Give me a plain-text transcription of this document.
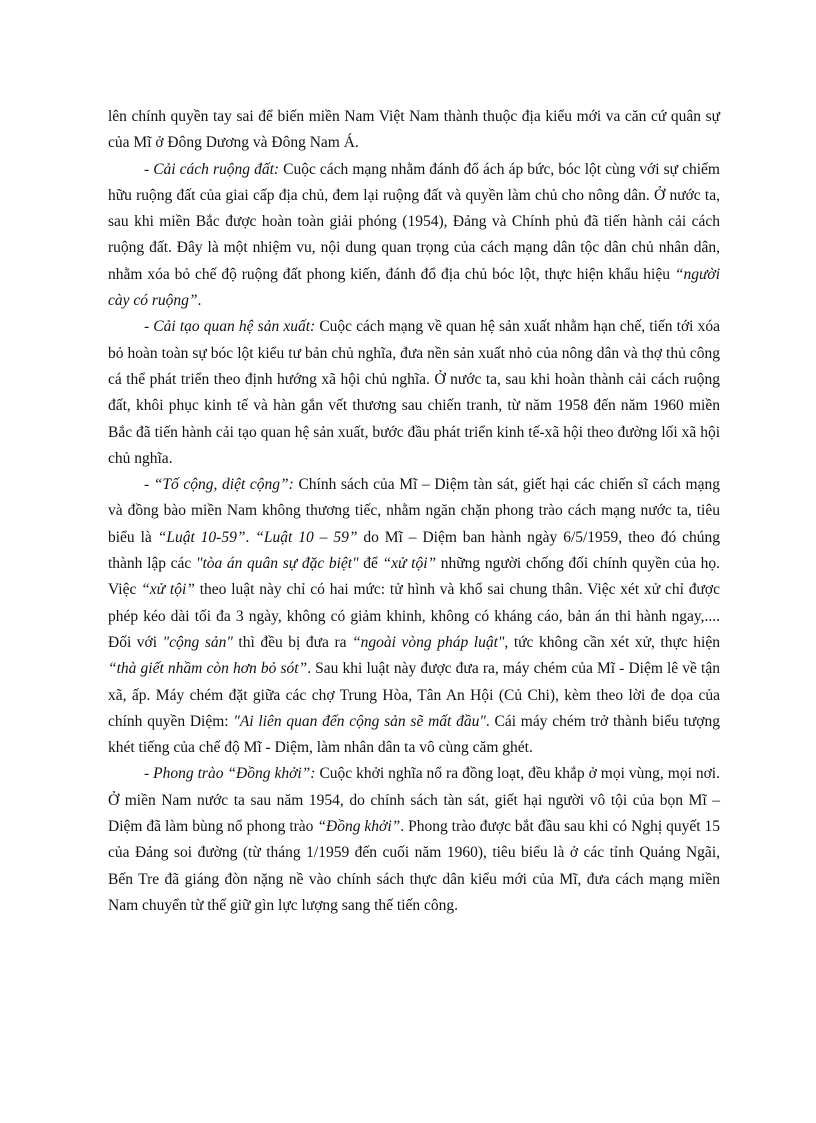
lên chính quyền tay sai để biến miền Nam Việt Nam thành thuộc địa kiểu mới va căn cứ quân sự của Mĩ ở Đông Dương và Đông Nam Á.

- Cải cách ruộng đất: Cuộc cách mạng nhằm đánh đổ ách áp bức, bóc lột cùng với sự chiếm hữu ruộng đất của giai cấp địa chủ, đem lại ruộng đất và quyền làm chủ cho nông dân. Ở nước ta, sau khi miền Bắc được hoàn toàn giải phóng (1954), Đảng và Chính phủ đã tiến hành cải cách ruộng đất. Đây là một nhiệm vu, nội dung quan trọng của cách mạng dân tộc dân chủ nhân dân, nhằm xóa bỏ chế độ ruộng đất phong kiến, đánh đổ địa chủ bóc lột, thực hiện khẩu hiệu “người cày có ruộng”.

- Cải tạo quan hệ sản xuất: Cuộc cách mạng về quan hệ sản xuất nhằm hạn chế, tiến tới xóa bỏ hoàn toàn sự bóc lột kiểu tư bản chủ nghĩa, đưa nền sản xuất nhỏ của nông dân và thợ thủ công cá thể phát triển theo định hướng xã hội chủ nghĩa. Ở nước ta, sau khi hoàn thành cải cách ruộng đất, khôi phục kinh tế và hàn gắn vết thương sau chiến tranh, từ năm 1958 đến năm 1960 miền Bắc đã tiến hành cải tạo quan hệ sản xuất, bước đầu phát triển kinh tế-xã hội theo đường lối xã hội chủ nghĩa.

- “Tố cộng, diệt cộng”: Chính sách của Mĩ – Diệm tàn sát, giết hại các chiến sĩ cách mạng và đồng bào miền Nam không thương tiếc, nhằm ngăn chặn phong trào cách mạng nước ta, tiêu biểu là “Luật 10-59”. “Luật 10 – 59” do Mĩ – Diệm ban hành ngày 6/5/1959, theo đó chúng thành lập các "tòa án quân sự đặc biệt" để “xử tội” những người chống đối chính quyền của họ. Việc “xử tội” theo luật này chỉ có hai mức: tử hình và khổ sai chung thân. Việc xét xử chỉ được phép kéo dài tối đa 3 ngày, không có giảm khinh, không có kháng cáo, bản án thi hành ngay,.... Đối với "cộng sản" thì đều bị đưa ra “ngoài vòng pháp luật", tức không cần xét xử, thực hiện “thà giết nhầm còn hơn bỏ sót”. Sau khi luật này được đưa ra, máy chém của Mĩ - Diệm lê về tận xã, ấp. Máy chém đặt giữa các chợ Trung Hòa, Tân An Hội (Củ Chi), kèm theo lời đe dọa của chính quyền Diệm: "Ai liên quan đến cộng sản sẽ mất đầu". Cái máy chém trở thành biểu tượng khét tiếng của chế độ Mĩ - Diệm, làm nhân dân ta vô cùng căm ghét.

- Phong trào “Đồng khởi”: Cuộc khởi nghĩa nổ ra đồng loạt, đều khắp ở mọi vùng, mọi nơi. Ở miền Nam nước ta sau năm 1954, do chính sách tàn sát, giết hại người vô tội của bọn Mĩ – Diệm đã làm bùng nổ phong trào “Đồng khởi”. Phong trào được bắt đầu sau khi có Nghị quyết 15 của Đảng soi đường (từ tháng 1/1959 đến cuối năm 1960), tiêu biểu là ở các tỉnh Quảng Ngãi, Bến Tre đã giáng đòn nặng nề vào chính sách thực dân kiểu mới của Mĩ, đưa cách mạng miền Nam chuyển từ thế giữ gìn lực lượng sang thế tiến công.
